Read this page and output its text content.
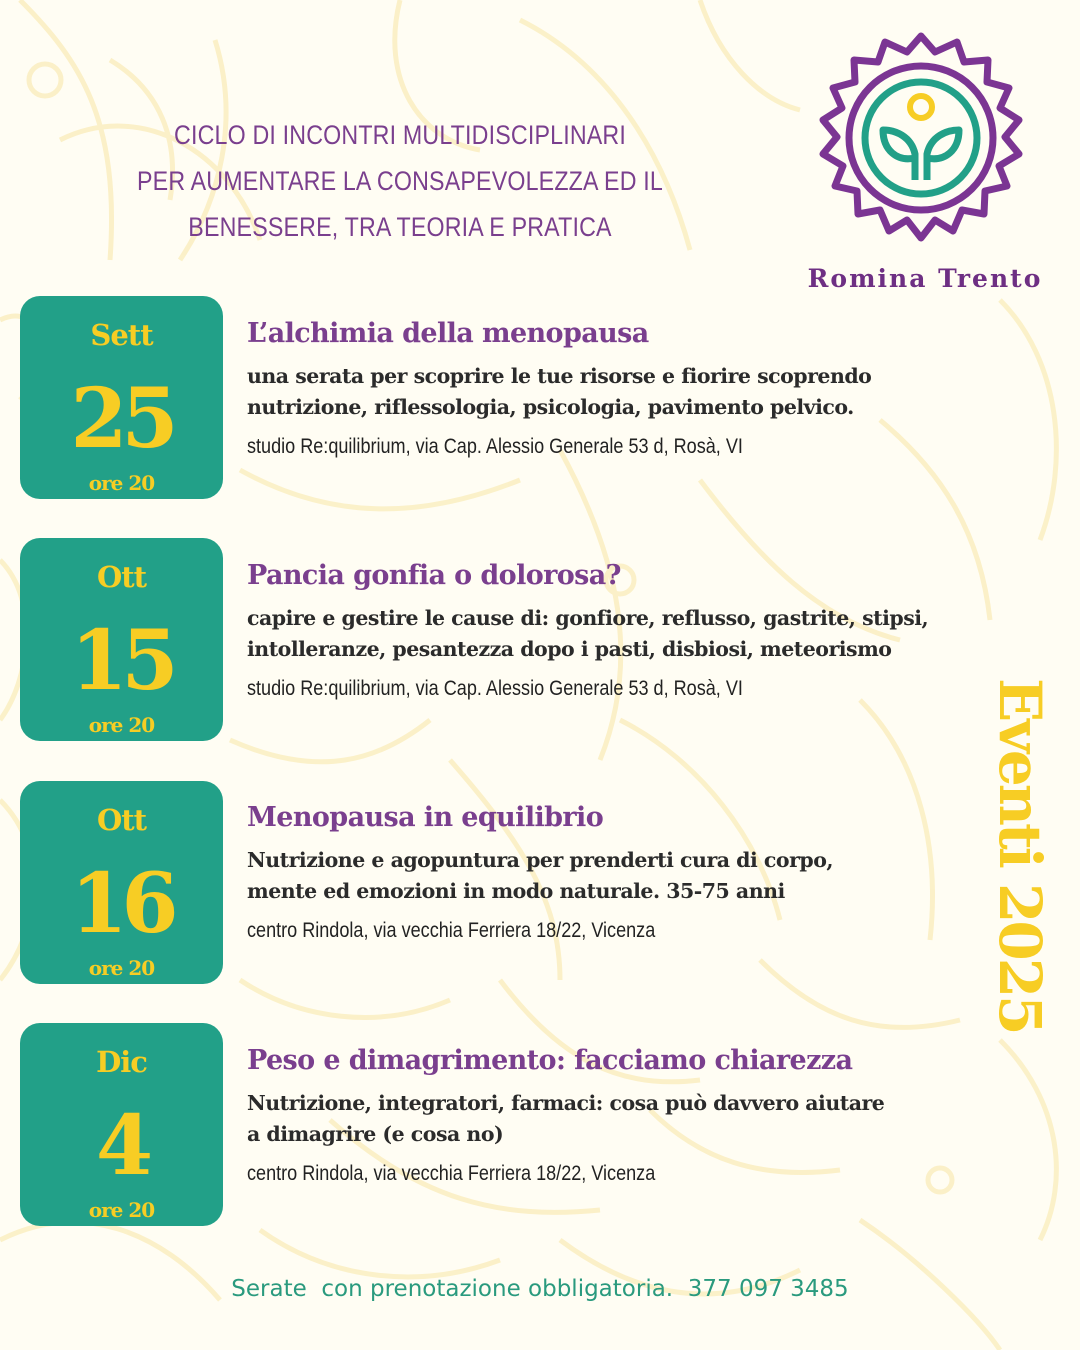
CICLO DI INCONTRI MULTIDISCIPLINARI
PER AUMENTARE LA CONSAPEVOLEZZA ED IL
BENESSERE, TRA TEORIA E PRATICA
Romina Trento
Sett
25
ore 20
L’alchimia della menopausa
una serata per scoprire le tue risorse e fiorire scoprendo
nutrizione, riflessologia, psicologia, pavimento pelvico.
studio Re:quilibrium, via Cap. Alessio Generale 53 d, Rosà, VI
Ott
15
ore 20
Pancia gonfia o dolorosa?
capire e gestire le cause di: gonfiore, reflusso, gastrite, stipsi,
intolleranze, pesantezza dopo i pasti, disbiosi, meteorismo
studio Re:quilibrium, via Cap. Alessio Generale 53 d, Rosà, VI
Ott
16
ore 20
Menopausa in equilibrio
Nutrizione e agopuntura per prenderti cura di corpo,
mente ed emozioni in modo naturale. 35-75 anni
centro Rindola, via vecchia Ferriera 18/22, Vicenza
Dic
4
ore 20
Peso e dimagrimento: facciamo chiarezza
Nutrizione, integratori, farmaci: cosa può davvero aiutare
a dimagrire (e cosa no)
centro Rindola, via vecchia Ferriera 18/22, Vicenza
Eventi 2025
Serate  con prenotazione obbligatoria.  377 097 3485
